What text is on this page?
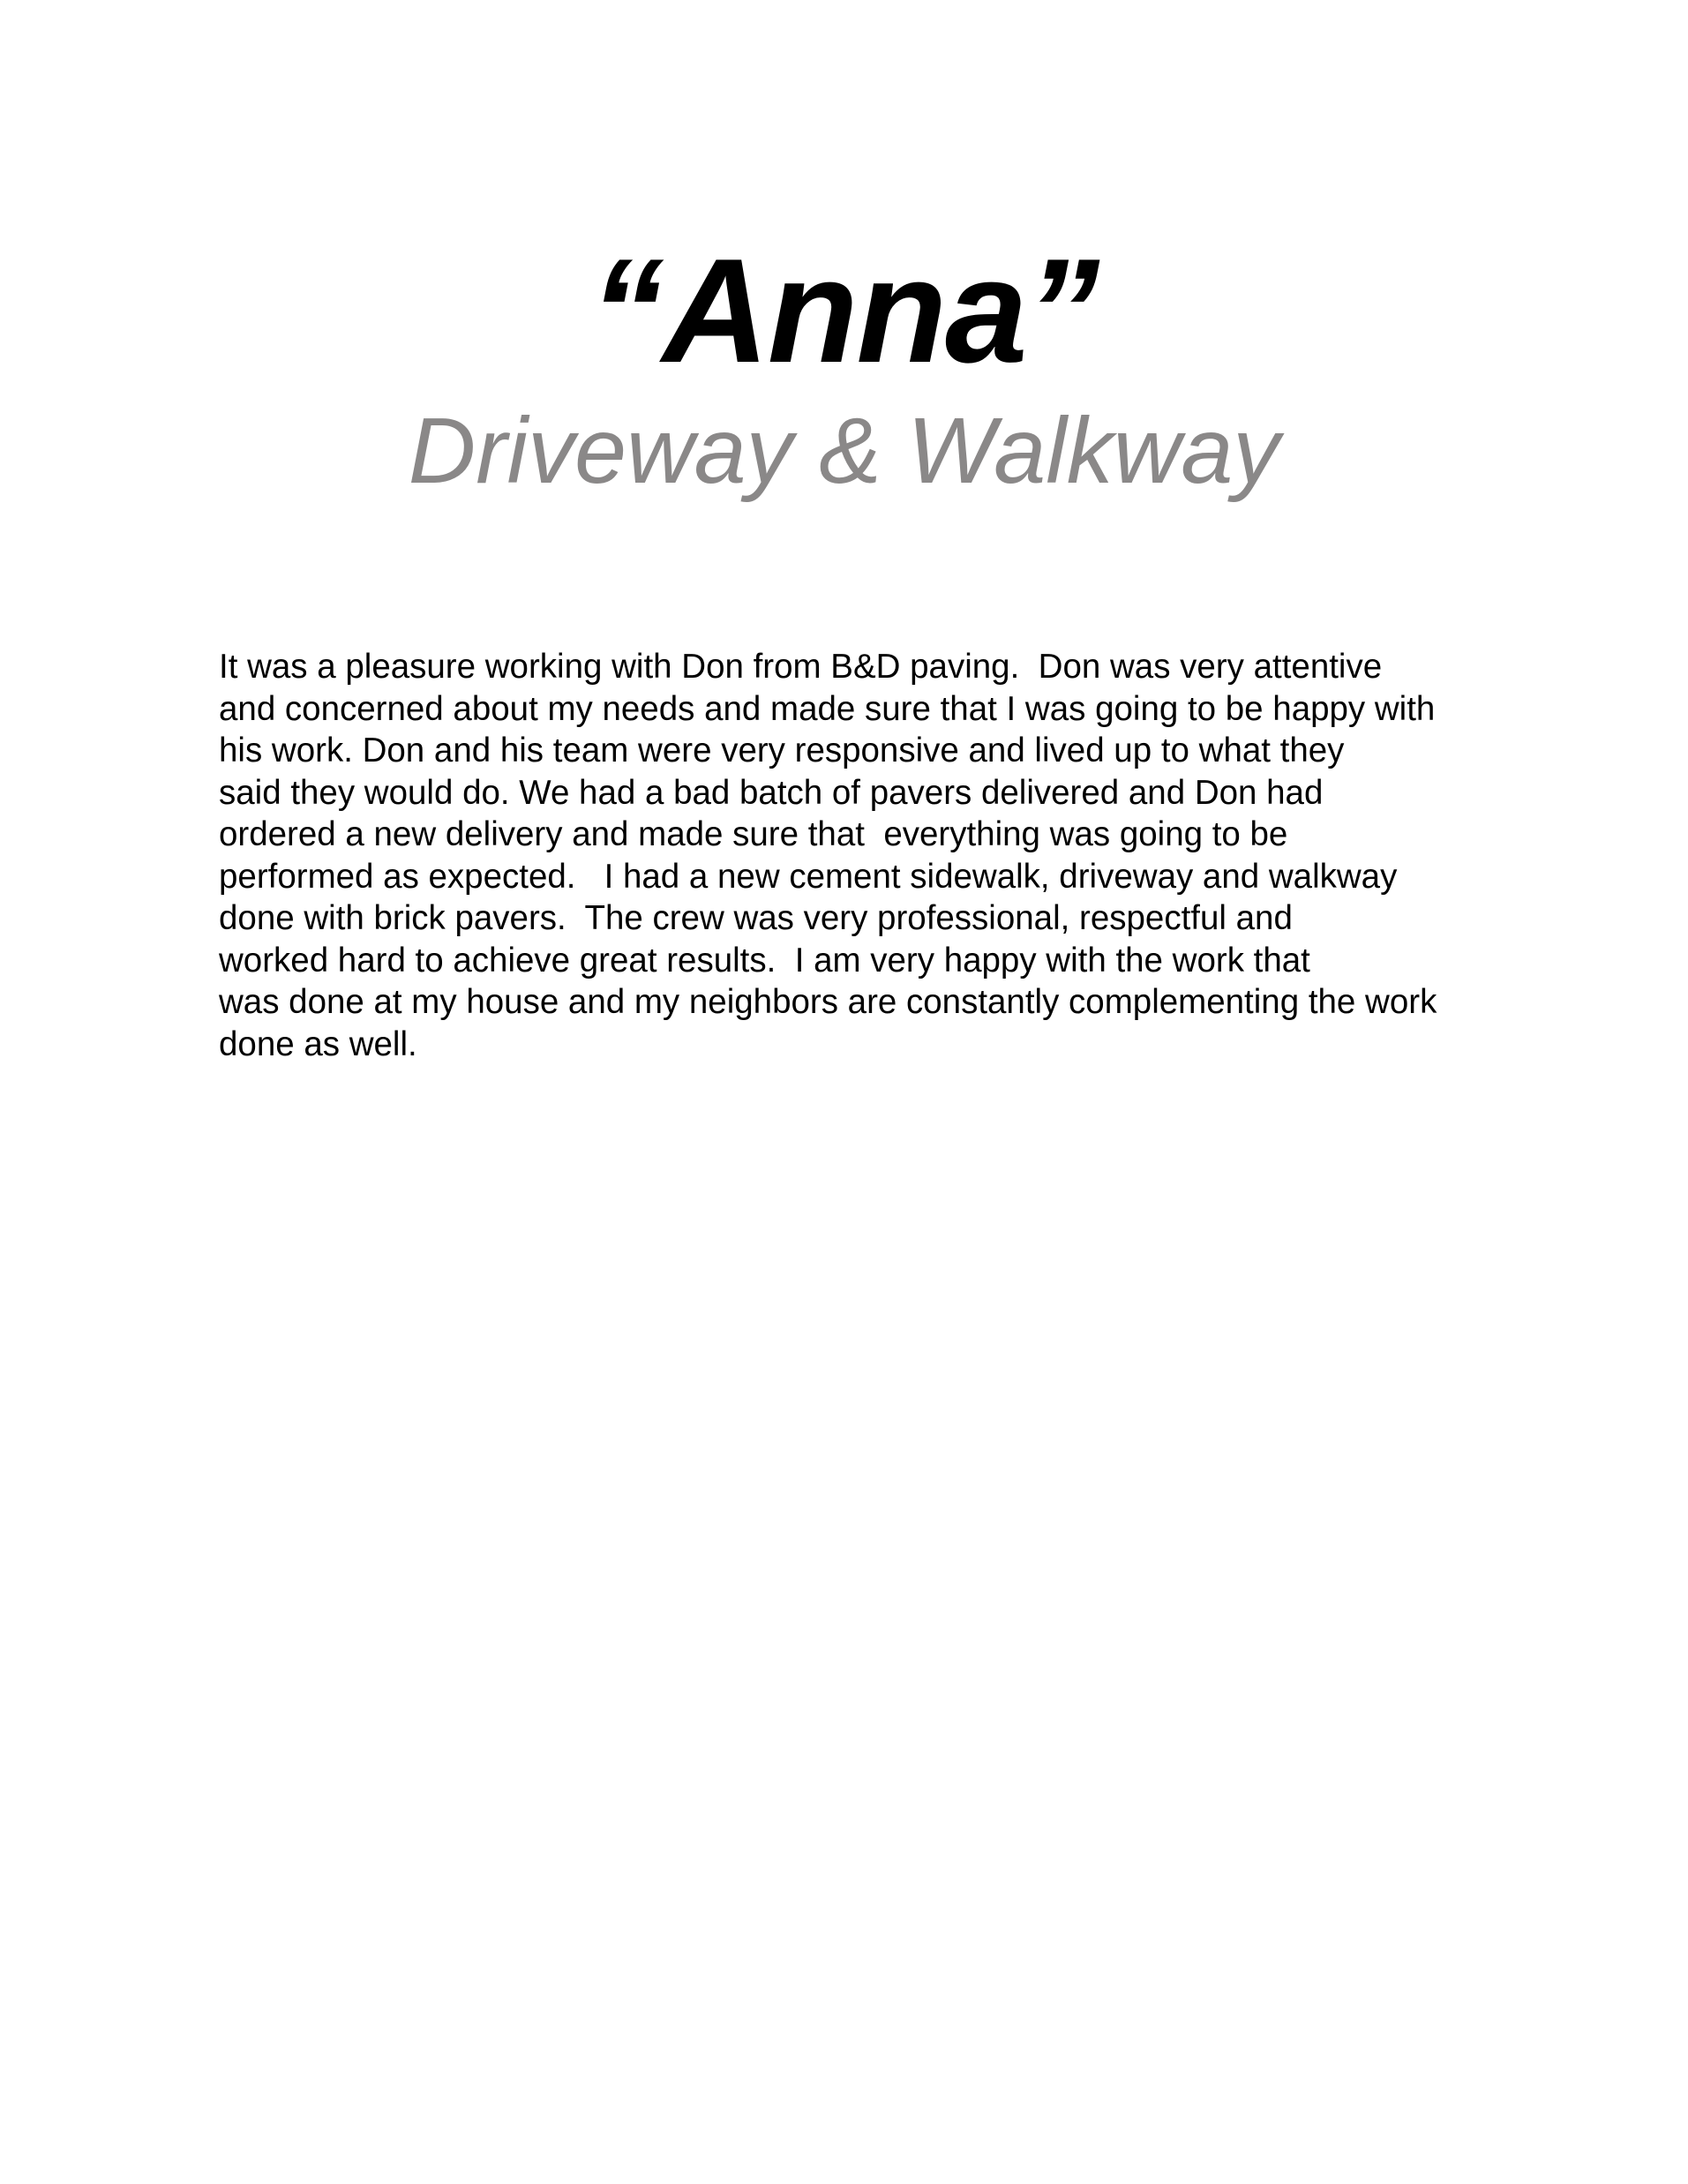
“Anna”
Driveway & Walkway
It was a pleasure working with Don from B&D paving.  Don was very attentive
and concerned about my needs and made sure that I was going to be happy with
his work. Don and his team were very responsive and lived up to what they
said they would do. We had a bad batch of pavers delivered and Don had
ordered a new delivery and made sure that  everything was going to be
performed as expected.   I had a new cement sidewalk, driveway and walkway
done with brick pavers.  The crew was very professional, respectful and
worked hard to achieve great results.  I am very happy with the work that
was done at my house and my neighbors are constantly complementing the work
done as well.
